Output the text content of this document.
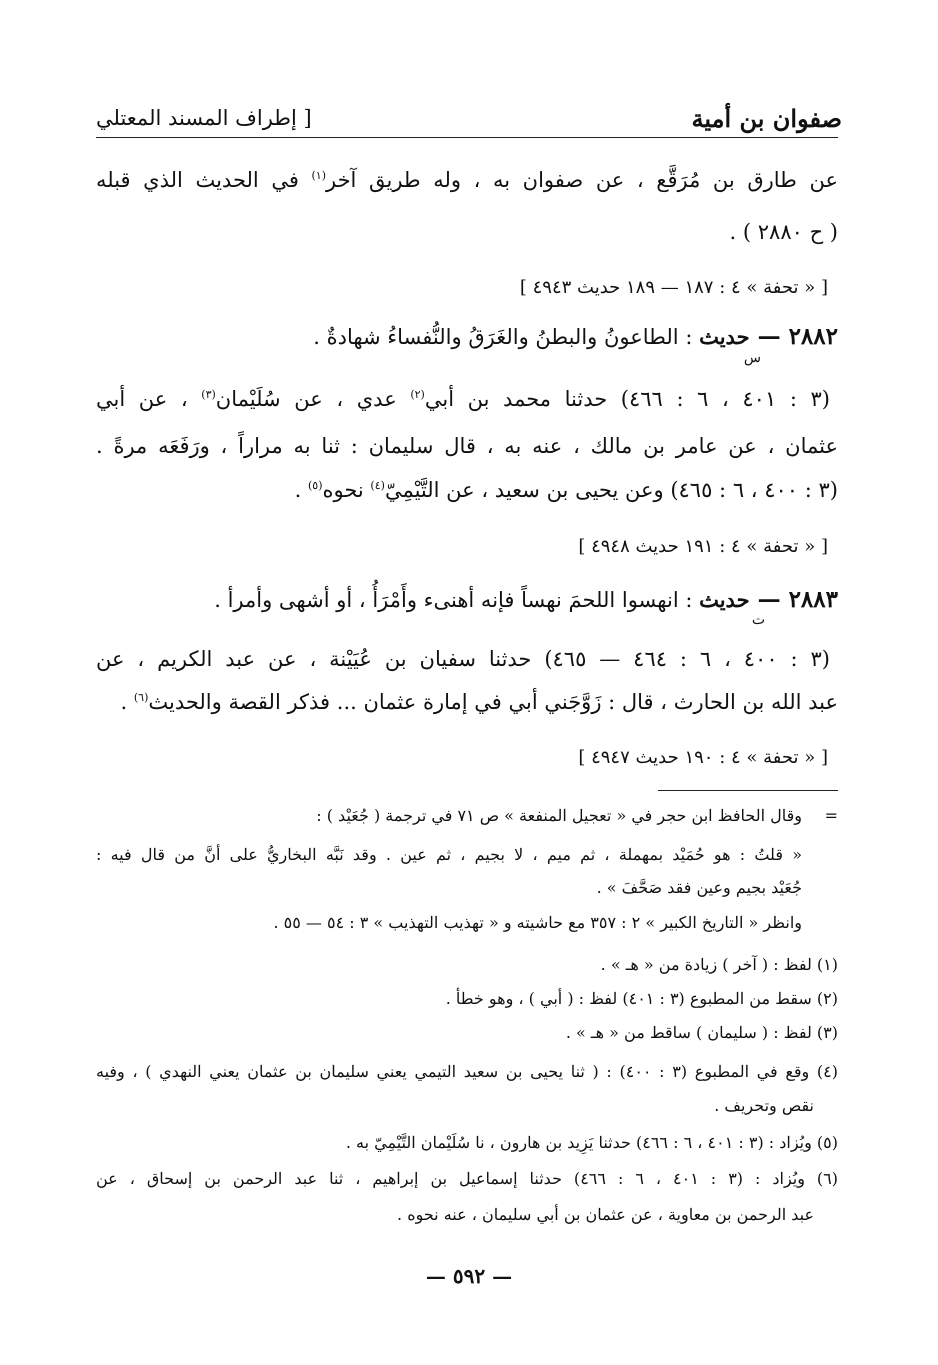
صفوان بن أمية
[ إطراف المسند المعتلي
عن طارق بن مُرَقَّع ، عن صفوان به ، وله طريق آخر$^{(١)}$ في الحديث الذي قبله
( ح ٢٨٨٠ ) .
[ « تحفة » ٤ : ١٨٧ — ١٨٩ حديث ٤٩٤٣ ]
٢٨٨٢ — حديث : الطاعونُ والبطنُ والغَرَقُ والنُّفساءُ شهادةٌ .
س
(٣ : ٤٠١ ، ٦ : ٤٦٦) حدثنا محمد بن أبي$^{(٢)}$ عدي ، عن سُلَيْمان$^{(٣)}$ ، عن أبي
عثمان ، عن عامر بن مالك ، عنه به ، قال سليمان : ثنا به مراراً ، ورَفَعَه مرةً .
(٣ : ٤٠٠ ، ٦ : ٤٦٥) وعن يحيى بن سعيد ، عن التَّيْمِيّ$^{(٤)}$ نحوه$^{(٥)}$ .
[ « تحفة » ٤ : ١٩١ حديث ٤٩٤٨ ]
٢٨٨٣ — حديث : انهسوا اللحمَ نهساً فإنه أهنىء وأَمْرَأُ ، أو أشهى وأمرأ .
ت
(٣ : ٤٠٠ ، ٦ : ٤٦٤ — ٤٦٥) حدثنا سفيان بن عُيَيْنة ، عن عبد الكريم ، عن
عبد الله بن الحارث ، قال : زَوَّجَني أبي في إمارة عثمان ... فذكر القصة والحديث$^{(٦)}$ .
[ « تحفة » ٤ : ١٩٠ حديث ٤٩٤٧ ]
=
وقال الحافظ ابن حجر في « تعجيل المنفعة » ص ٧١ في ترجمة ( جُعَيْد ) :
« قلتُ : هو حُمَيْد بمهملة ، ثم ميم ، لا بجيم ، ثم عين . وقد نَبَّه البخاريُّ على أنَّ من قال فيه :
جُعَيْد بجيم وعين فقد صَحَّفَ » .
وانظر « التاريخ الكبير » ٢ : ٣٥٧ مع حاشيته و « تهذيب التهذيب » ٣ : ٥٤ — ٥٥ .
(١) لفظ : ( آخر ) زيادة من « هـ » .
(٢) سقط من المطبوع (٣ : ٤٠١) لفظ : ( أبي ) ، وهو خطأ .
(٣) لفظ : ( سليمان ) ساقط من « هـ » .
(٤) وقع في المطبوع (٣ : ٤٠٠) : ( ثنا يحيى بن سعيد التيمي يعني سليمان بن عثمان يعني النهدي ) ، وفيه
نقص وتحريف .
(٥) ويُزاد : (٣ : ٤٠١ ، ٦ : ٤٦٦) حدثنا يَزِيد بن هارون ، نا سُلَيْمان التَّيْمِيّ به .
(٦) ويُزاد : (٣ : ٤٠١ ، ٦ : ٤٦٦) حدثنا إسماعيل بن إبراهيم ، ثنا عبد الرحمن بن إسحاق ، عن
عبد الرحمن بن معاوية ، عن عثمان بن أبي سليمان ، عنه نحوه .
— ٥٩٢ —
